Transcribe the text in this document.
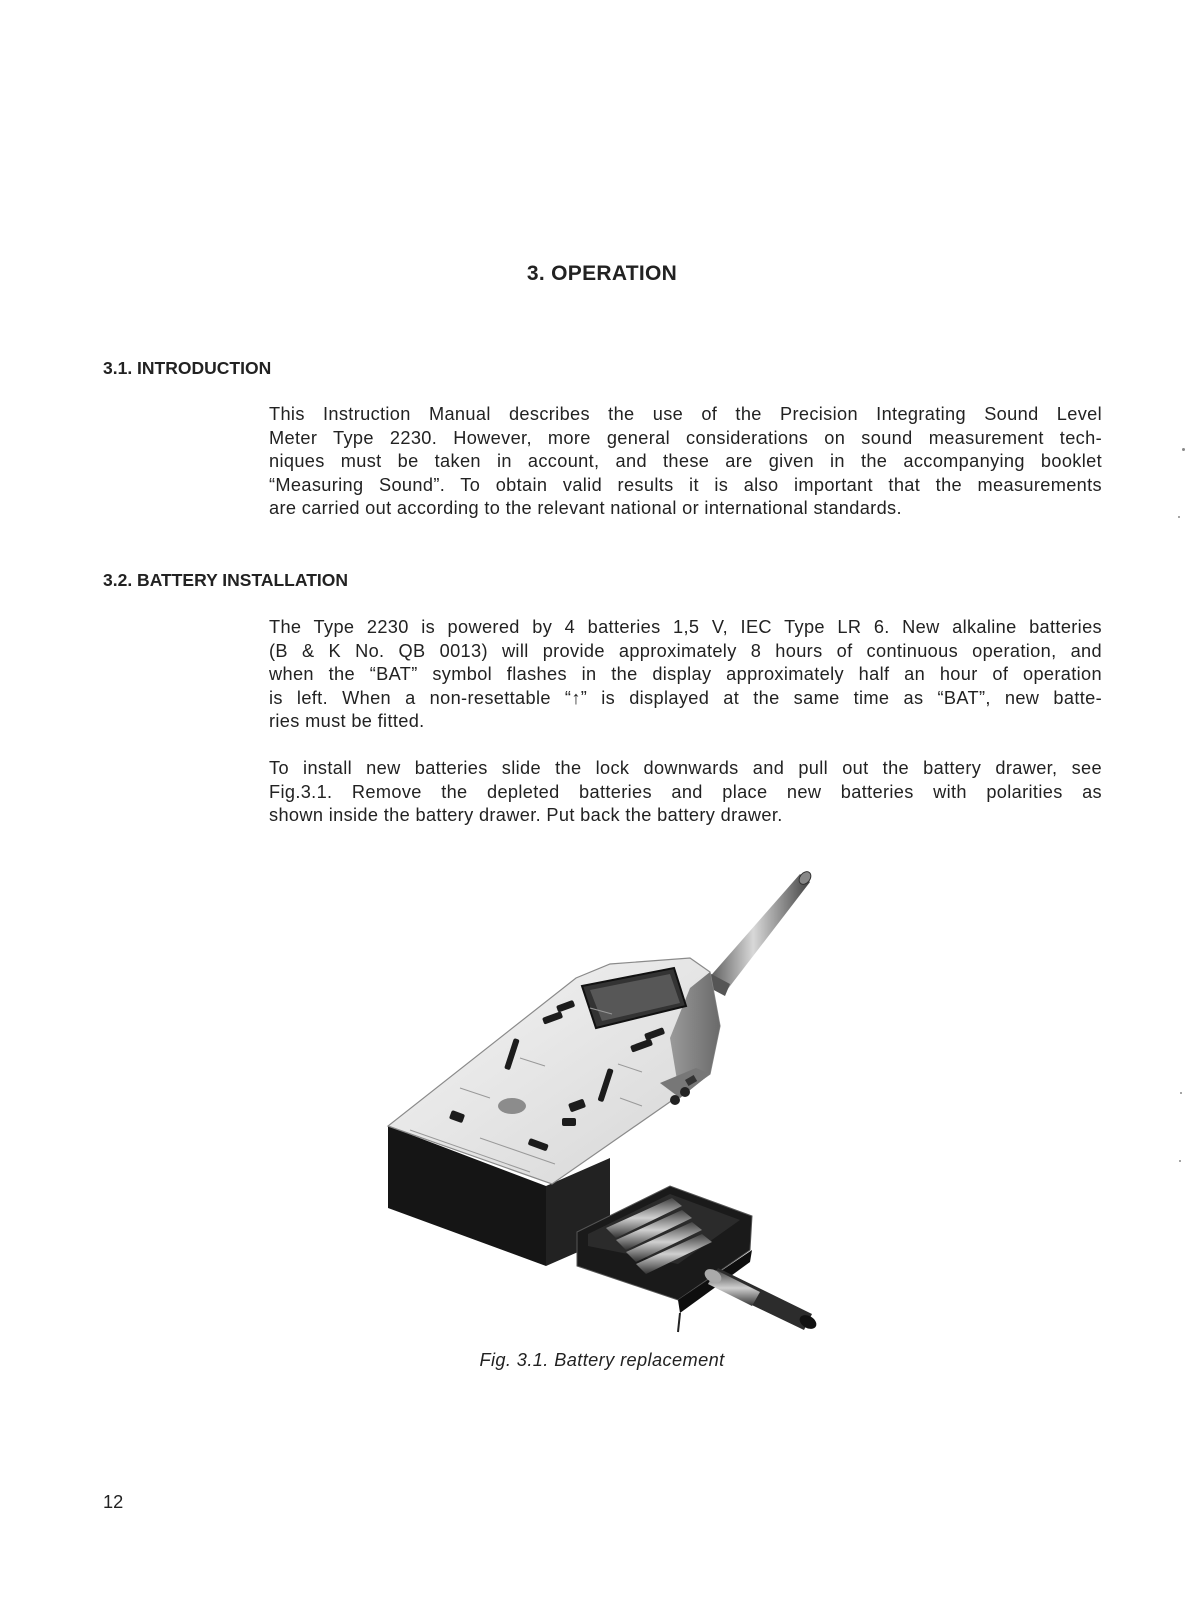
3. OPERATION
3.1. INTRODUCTION
This Instruction Manual describes the use of the Precision Integrating Sound Level
Meter Type 2230. However, more general considerations on sound measurement tech-
niques must be taken in account, and these are given in the accompanying booklet
“Measuring Sound”. To obtain valid results it is also important that the measurements
are carried out according to the relevant national or international standards.
3.2. BATTERY INSTALLATION
The Type 2230 is powered by 4 batteries 1,5 V, IEC Type LR 6. New alkaline batteries
(B & K No. QB 0013) will provide approximately 8 hours of continuous operation, and
when the “BAT” symbol flashes in the display approximately half an hour of operation
is left. When a non-resettable “↑” is displayed at the same time as “BAT”, new batte-
ries must be fitted.
To install new batteries slide the lock downwards and pull out the battery drawer, see
Fig.3.1. Remove the depleted batteries and place new batteries with polarities as
shown inside the battery drawer. Put back the battery drawer.
Fig. 3.1. Battery replacement
12
